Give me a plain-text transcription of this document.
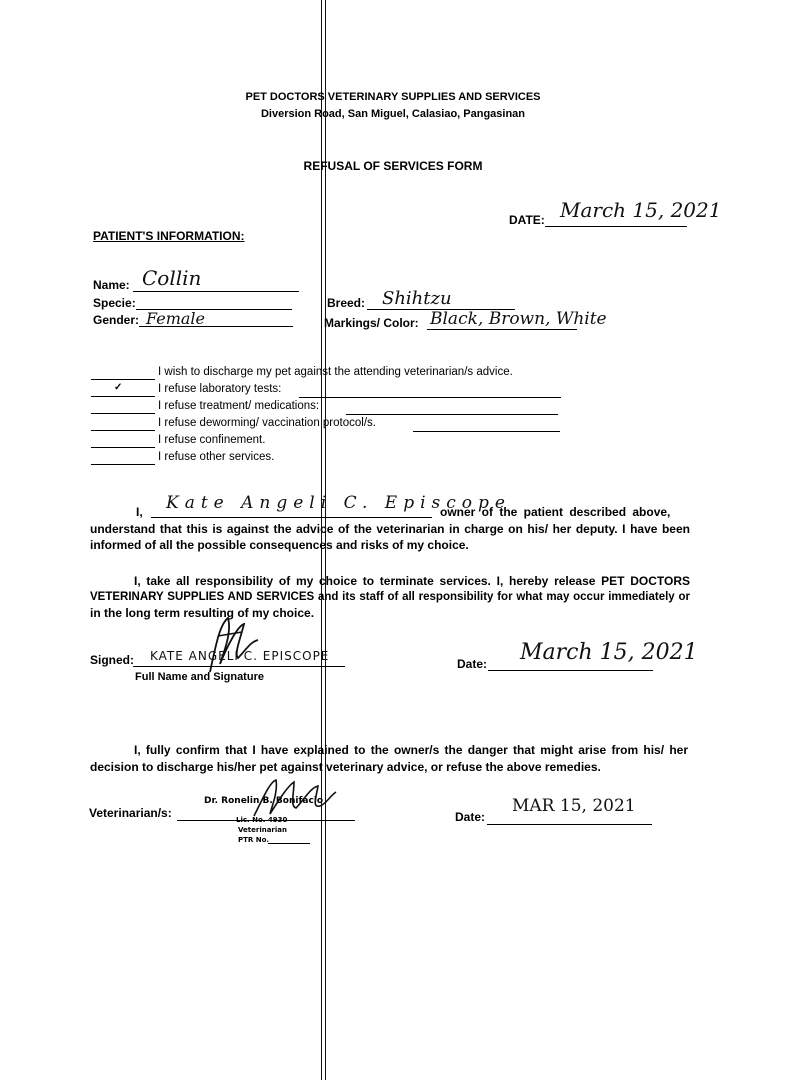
PET DOCTORS VETERINARY SUPPLIES AND SERVICES
Diversion Road, San Miguel, Calasiao, Pangasinan
REFUSAL OF SERVICES FORM
DATE: March 15, 2021
PATIENT'S INFORMATION:
Name: Collin
Specie:
Gender: Female
Breed: Shihtzu
Markings/ Color: Black, Brown, White
I wish to discharge my pet against the attending veterinarian/s advice.
✓	I refuse laboratory tests:
I refuse treatment/ medications:
I refuse deworming/ vaccination protocol/s.
I refuse confinement.
I refuse other services.
I, Kate Angeli C. Episcope
owner of the patient described above,
understand that this is against the advice of the veterinarian in charge on his/ her deputy. I have been
informed of all the possible consequences and risks of my choice.
I, take all responsibility of my choice to terminate services. I, hereby release PET DOCTORS
VETERINARY SUPPLIES AND SERVICES and its staff of all responsibility for what may occur immediately or
in the long term resulting of my choice.
Signed: KATE ANGELI C. EPISCOPE
Full Name and Signature
Date: March 15, 2021
I, fully confirm that I have explained to the owner/s the danger that might arise from his/ her
decision to discharge his/her pet against veterinary advice, or refuse the above remedies.
Veterinarian/s:
Dr. Ronelin B. Bonifacio
Lic. No. 4930
Veterinarian
PTR No.
Date:
MAR 15, 2021
